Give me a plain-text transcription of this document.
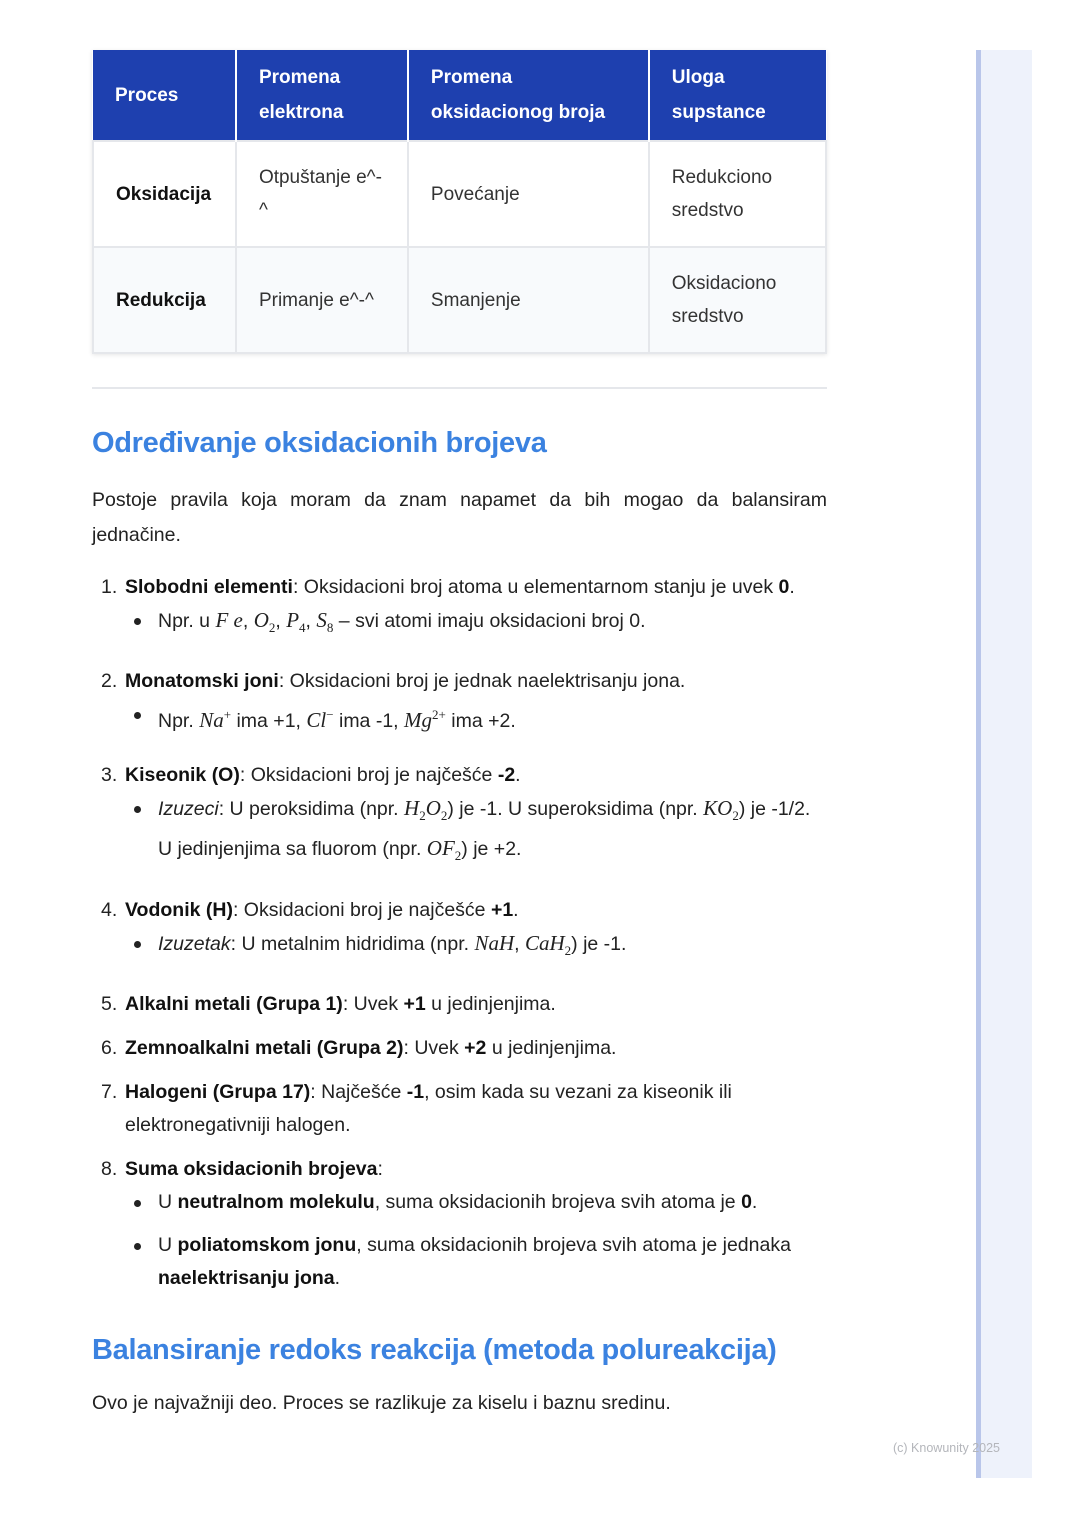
Proces	Promena elektrona	Promena oksidacionog broja	Uloga supstance
Oksidacija	Otpuštanje e^-^	Povećanje	Redukciono sredstvo
Redukcija	Primanje e^-^	Smanjenje	Oksidaciono sredstvo
Određivanje oksidacionih brojeva

Postoje pravila koja moram da znam napamet da bih mogao da balansiram jednačine.

1. Slobodni elementi: Oksidacioni broj atoma u elementarnom stanju je uvek 0.
Npr. u F e, $O_2$, $P_4$, $S_8$ – svi atomi imaju oksidacioni broj 0.
2. Monatomski joni: Oksidacioni broj je jednak naelektrisanju jona.
Npr. Na+ ima +1, Cl− ima -1, $Mg^{2+}$ ima +2.
3. Kiseonik (O): Oksidacioni broj je najčešće -2.
Izuzeci: U peroksidima (npr. $H_2O_2$) je -1. U superoksidima (npr. $KO_2$) je -1/2. U jedinjenjima sa fluorom (npr. $OF_2$) je +2.
4. Vodonik (H): Oksidacioni broj je najčešće +1.
Izuzetak: U metalnim hidridima (npr. NaH, CaH$_2$) je -1.
5. Alkalni metali (Grupa 1): Uvek +1 u jedinjenjima.
6. Zemnoalkalni metali (Grupa 2): Uvek +2 u jedinjenjima.
7. Halogeni (Grupa 17): Najčešće -1, osim kada su vezani za kiseonik ili elektronegativniji halogen.
8. Suma oksidacionih brojeva:
U neutralnom molekulu, suma oksidacionih brojeva svih atoma je 0.
U poliatomskom jonu, suma oksidacionih brojeva svih atoma je jednaka naelektrisanju jona.
Balansiranje redoks reakcija (metoda polureakcija)

Ovo je najvažniji deo. Proces se razlikuje za kiselu i baznu sredinu.

(c) Knowunity 2025
